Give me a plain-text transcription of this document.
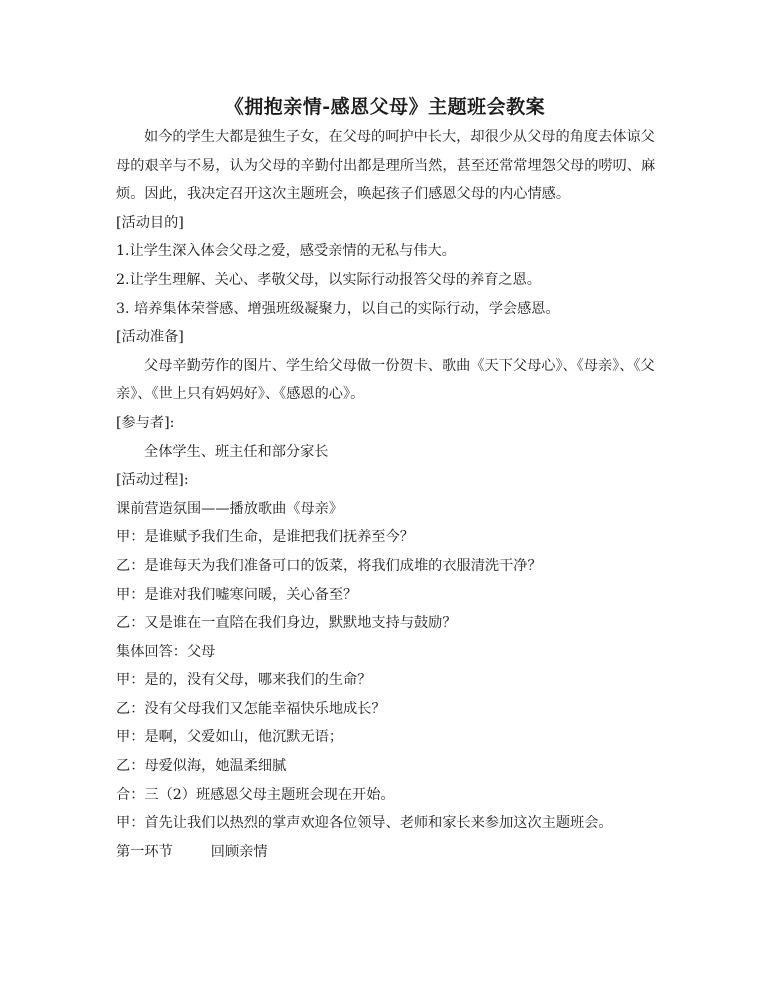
《拥抱亲情-感恩父母》主题班会教案

如今的学生大都是独生子女，在父母的呵护中长大，却很少从父母的角度去体谅父母的艰辛与不易，认为父母的辛勤付出都是理所当然，甚至还常常埋怨父母的唠叨、麻烦。因此，我决定召开这次主题班会，唤起孩子们感恩父母的内心情感。

[活动目的]

1.让学生深入体会父母之爱，感受亲情的无私与伟大。

2.让学生理解、关心、孝敬父母，以实际行动报答父母的养育之恩。

3. 培养集体荣誉感、增强班级凝聚力，以自己的实际行动，学会感恩。

[活动准备]

父母辛勤劳作的图片、学生给父母做一份贺卡、歌曲《天下父母心》、《母亲》、《父亲》、《世上只有妈妈好》、《感恩的心》。

[参与者]:

全体学生、班主任和部分家长

[活动过程]:

课前营造氛围——播放歌曲《母亲》

甲：是谁赋予我们生命，是谁把我们抚养至今？

乙：是谁每天为我们准备可口的饭菜，将我们成堆的衣服清洗干净？

甲：是谁对我们嘘寒问暖，关心备至？

乙：又是谁在一直陪在我们身边，默默地支持与鼓励？

集体回答：父母

甲：是的，没有父母，哪来我们的生命？

乙：没有父母我们又怎能幸福快乐地成长？

甲：是啊，父爱如山，他沉默无语；

乙：母爱似海，她温柔细腻

合：三（2）班感恩父母主题班会现在开始。

甲：首先让我们以热烈的掌声欢迎各位领导、老师和家长来参加这次主题班会。

第一环节	回顾亲情
